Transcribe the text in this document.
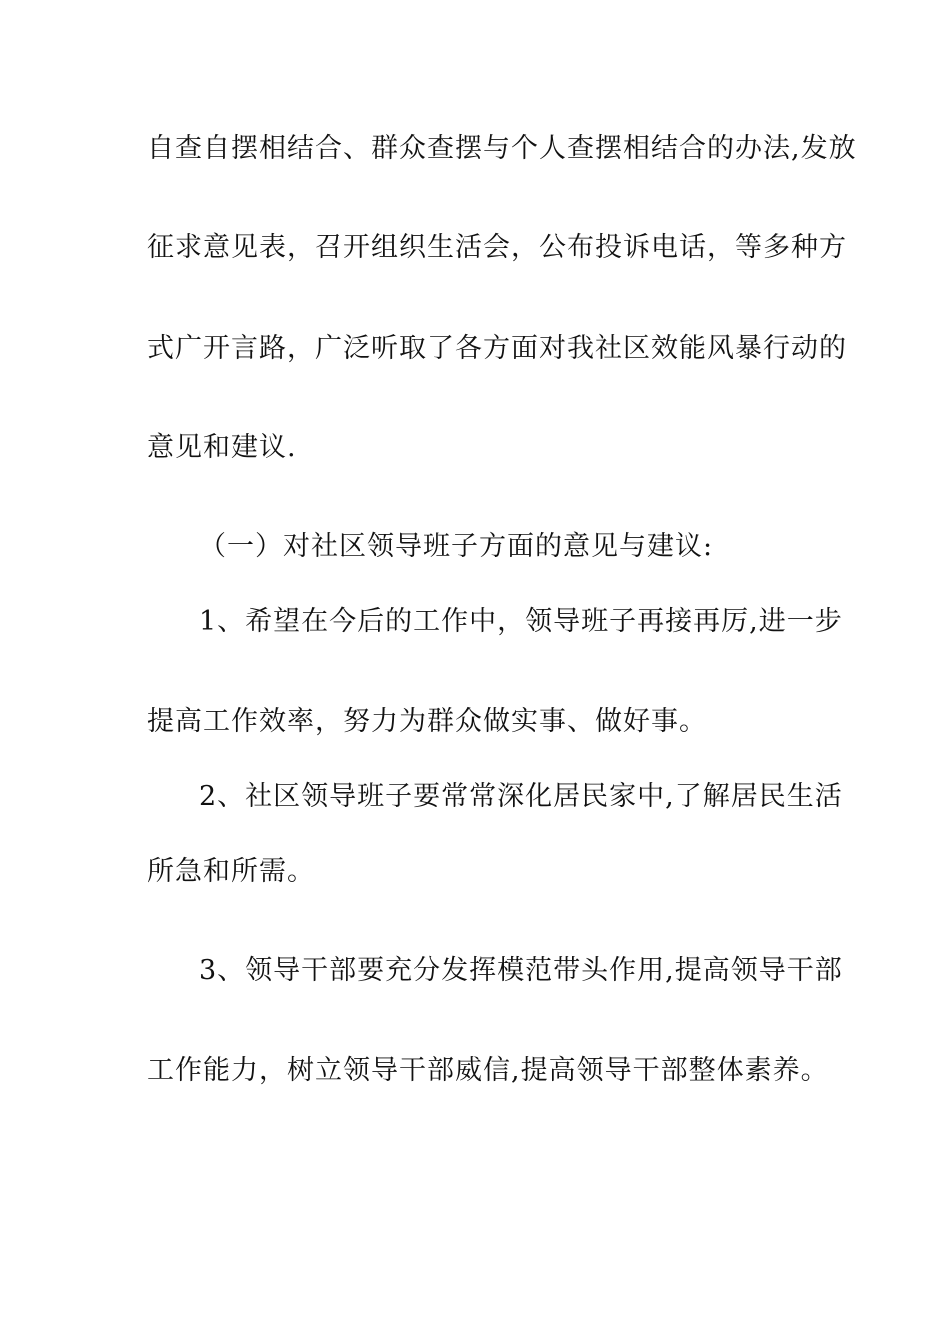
自查自摆相结合、群众查摆与个人查摆相结合的办法,发放
征求意见表，召开组织生活会，公布投诉电话，等多种方
式广开言路，广泛听取了各方面对我社区效能风暴行动的
意见和建议.
（一）对社区领导班子方面的意见与建议:
1、希望在今后的工作中，领导班子再接再厉,进一步
提高工作效率，努力为群众做实事、做好事。
2、社区领导班子要常常深化居民家中,了解居民生活
所急和所需。
3、领导干部要充分发挥模范带头作用,提高领导干部
工作能力，树立领导干部威信,提高领导干部整体素养。
